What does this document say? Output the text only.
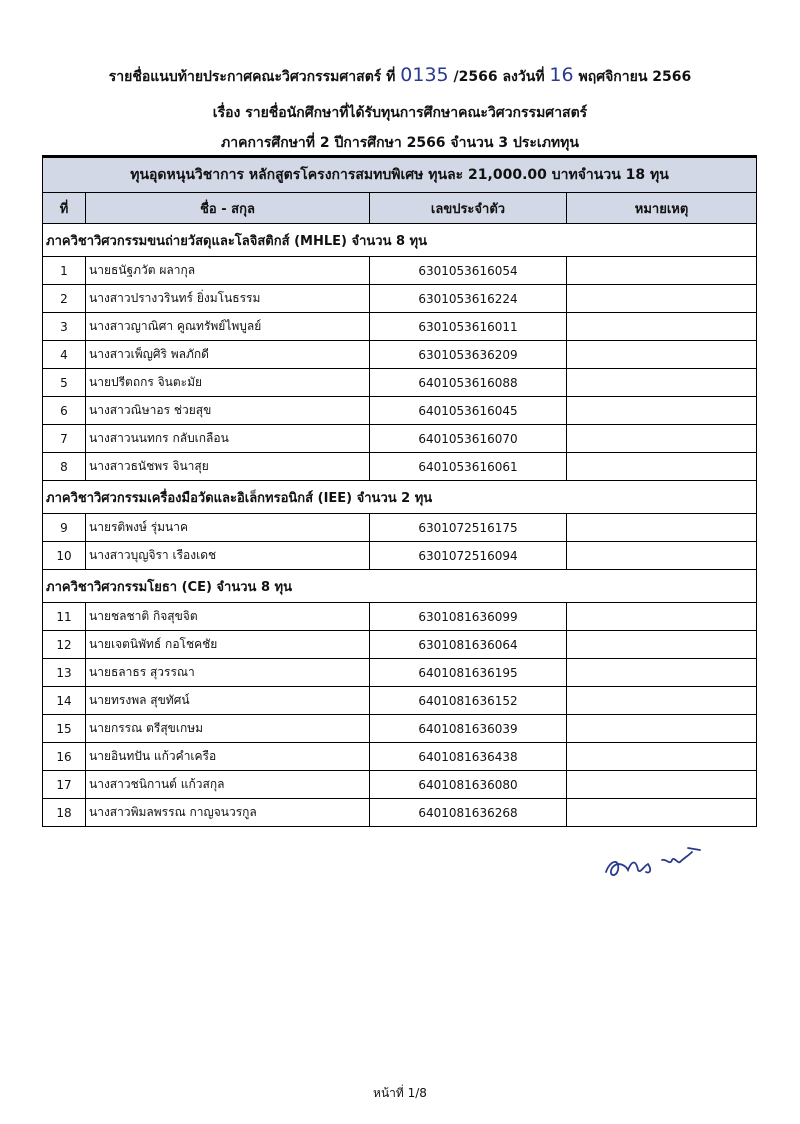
รายชื่อแนบท้ายประกาศคณะวิศวกรรมศาสตร์ ที่ 0135 /2566 ลงวันที่ 16 พฤศจิกายน 2566
เรื่อง รายชื่อนักศึกษาที่ได้รับทุนการศึกษาคณะวิศวกรรมศาสตร์
ภาคการศึกษาที่ 2 ปีการศึกษา 2566 จำนวน 3 ประเภททุน
ทุนอุดหนุนวิชาการ หลักสูตรโครงการสมทบพิเศษ ทุนละ 21,000.00 บาทจำนวน 18 ทุน			
ที่	ชื่อ - สกุล	เลขประจำตัว	หมายเหตุ
ภาควิชาวิศวกรรมขนถ่ายวัสดุและโลจิสติกส์ (MHLE) จำนวน 8 ทุน			
1	นายธนัฐภวัต ผลากุล	6301053616054	
2	นางสาวปรางวรินทร์ ยิ่งมโนธรรม	6301053616224	
3	นางสาวญาณิศา คูณทรัพย์ไพบูลย์	6301053616011	
4	นางสาวเพ็ญศิริ พลภักดี	6301053636209	
5	นายปรีตถกร จินตะมัย	6401053616088	
6	นางสาวณิษาอร ช่วยสุข	6401053616045	
7	นางสาวนนทกร กลับเกลือน	6401053616070	
8	นางสาวธนัชพร จินาสุย	6401053616061	
ภาควิชาวิศวกรรมเครื่องมือวัดและอิเล็กทรอนิกส์ (IEE) จำนวน 2 ทุน			
9	นายรติพงษ์ รุ่มนาค	6301072516175	
10	นางสาวบุญจิรา เรืองเดช	6301072516094	
ภาควิชาวิศวกรรมโยธา (CE) จำนวน 8 ทุน			
11	นายชลชาติ กิจสุขจิต	6301081636099	
12	นายเจตนิพัทธ์ กอโชคชัย	6301081636064	
13	นายธลาธร สุวรรณา	6401081636195	
14	นายทรงพล สุขทัศน์	6401081636152	
15	นายกรรณ ตรีสุขเกษม	6401081636039	
16	นายอินทปัน แก้วคำเครือ	6401081636438	
17	นางสาวชนิกานต์ แก้วสกุล	6401081636080	
18	นางสาวพิมลพรรณ กาญจนวรกูล	6401081636268	
หน้าที่ 1/8
